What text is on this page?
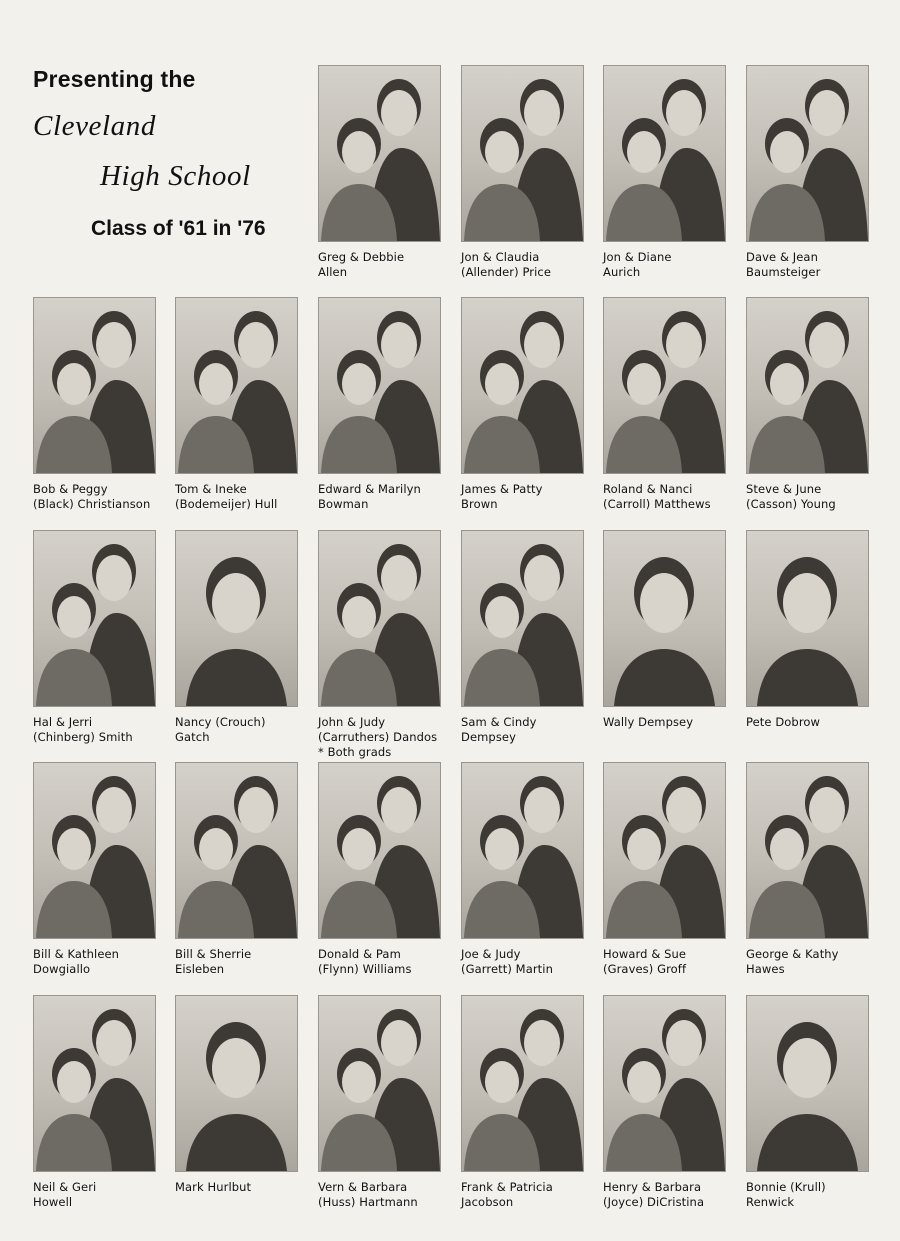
Presenting the
Cleveland
High School
Class of '61 in '76
Greg & Debbie
Allen
Jon & Claudia
(Allender) Price
Jon & Diane
Aurich
Dave & Jean
Baumsteiger
Bob & Peggy
(Black) Christianson
Tom & Ineke
(Bodemeijer) Hull
Edward & Marilyn
Bowman
James & Patty
Brown
Roland & Nanci
(Carroll) Matthews
Steve & June
(Casson) Young
Hal & Jerri
(Chinberg) Smith
Nancy (Crouch)
Gatch
John & Judy
(Carruthers) Dandos
* Both grads
Sam & Cindy
Dempsey
Wally Dempsey	Pete Dobrow
Bill & Kathleen
Dowgiallo
Bill & Sherrie
Eisleben
Donald & Pam
(Flynn) Williams
Joe & Judy
(Garrett) Martin
Howard & Sue
(Graves) Groff
George & Kathy
Hawes
Neil & Geri
Howell
Mark Hurlbut	Vern & Barbara
(Huss) Hartmann
Frank & Patricia
Jacobson
Henry & Barbara
(Joyce) DiCristina
Bonnie (Krull)
Renwick
